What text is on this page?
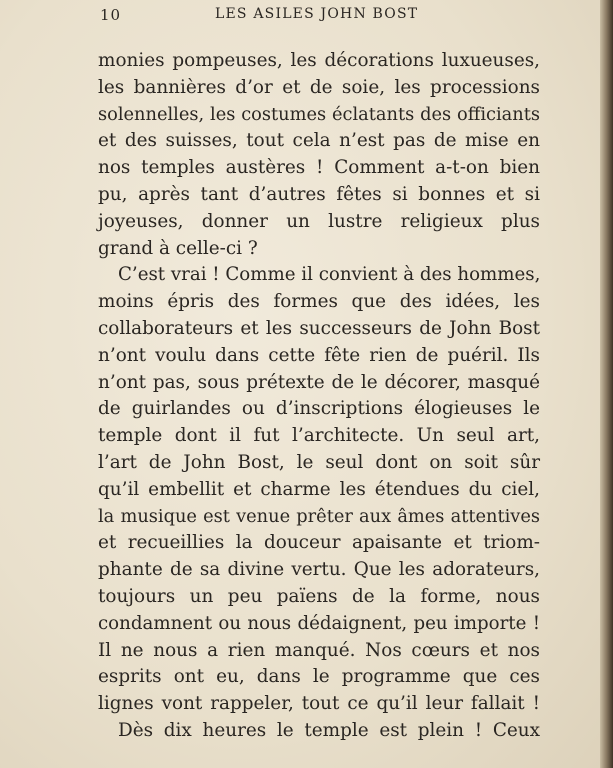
10	LES ASILES JOHN BOST
monies pompeuses, les décorations luxueuses,
les bannières d’or et de soie, les processions
solennelles, les costumes éclatants des officiants
et des suisses, tout cela n’est pas de mise en
nos temples austères ! Comment a-t-on bien
pu, après tant d’autres fêtes si bonnes et si
joyeuses, donner un lustre religieux plus
grand à celle-ci ?
C’est vrai ! Comme il convient à des hommes,
moins épris des formes que des idées, les
collaborateurs et les successeurs de John Bost
n’ont voulu dans cette fête rien de puéril. Ils
n’ont pas, sous prétexte de le décorer, masqué
de guirlandes ou d’inscriptions élogieuses le
temple dont il fut l’architecte. Un seul art,
l’art de John Bost, le seul dont on soit sûr
qu’il embellit et charme les étendues du ciel,
la musique est venue prêter aux âmes attentives
et recueillies la douceur apaisante et triom-
phante de sa divine vertu. Que les adorateurs,
toujours un peu païens de la forme, nous
condamnent ou nous dédaignent, peu importe !
Il ne nous a rien manqué. Nos cœurs et nos
esprits ont eu, dans le programme que ces
lignes vont rappeler, tout ce qu’il leur fallait !
Dès dix heures le temple est plein ! Ceux
